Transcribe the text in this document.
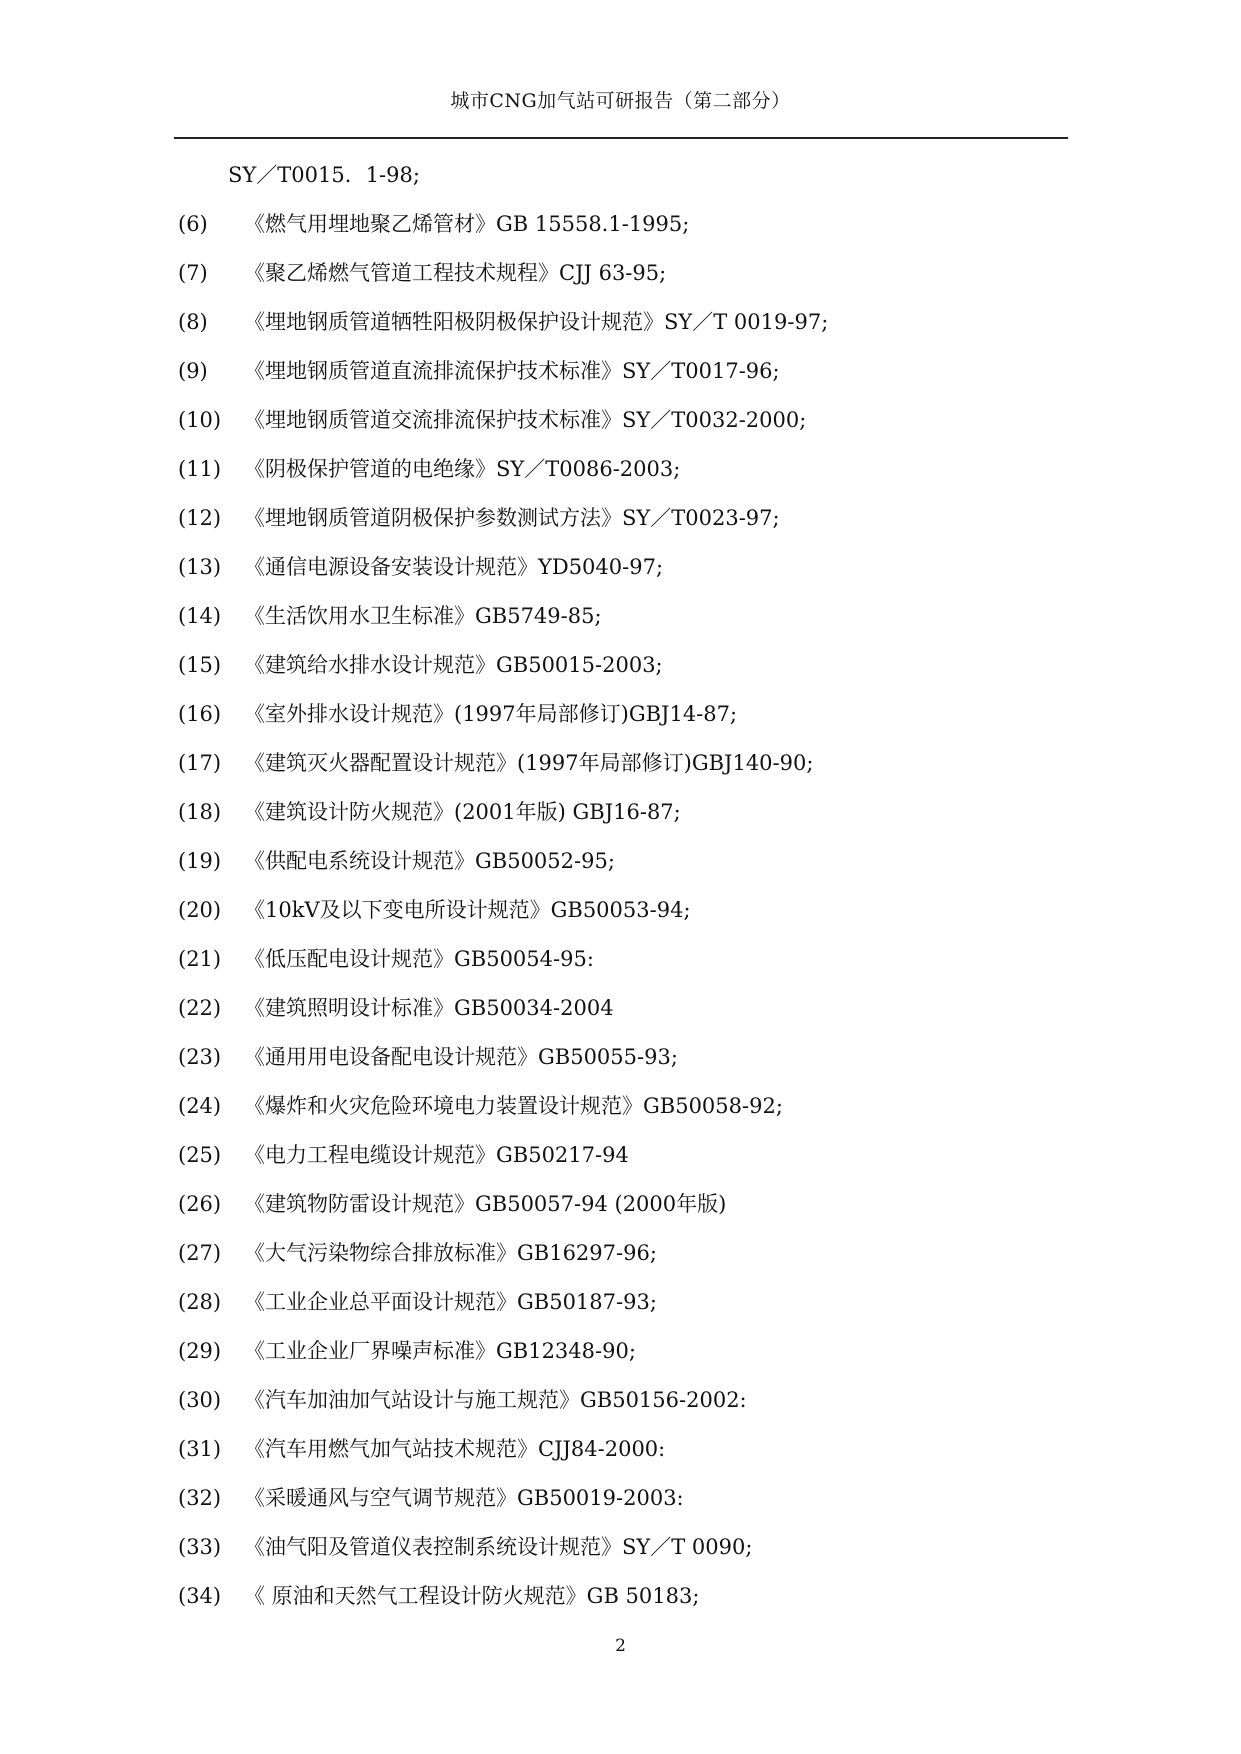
城市CNG加气站可研报告（第二部分）
SY／T0015．1-98;
(6) 《燃气用埋地聚乙烯管材》GB 15558.1-1995;
(7) 《聚乙烯燃气管道工程技术规程》CJJ 63-95;
(8) 《埋地钢质管道牺牲阳极阴极保护设计规范》SY／T 0019-97;
(9) 《埋地钢质管道直流排流保护技术标准》SY／T0017-96;
(10) 《埋地钢质管道交流排流保护技术标准》SY／T0032-2000;
(11) 《阴极保护管道的电绝缘》SY／T0086-2003;
(12) 《埋地钢质管道阴极保护参数测试方法》SY／T0023-97;
(13) 《通信电源设备安装设计规范》YD5040-97;
(14) 《生活饮用水卫生标准》GB5749-85;
(15) 《建筑给水排水设计规范》GB50015-2003;
(16) 《室外排水设计规范》(1997年局部修订)GBJ14-87;
(17) 《建筑灭火器配置设计规范》(1997年局部修订)GBJ140-90;
(18) 《建筑设计防火规范》(2001年版) GBJ16-87;
(19) 《供配电系统设计规范》GB50052-95;
(20) 《10kV及以下变电所设计规范》GB50053-94;
(21) 《低压配电设计规范》GB50054-95:
(22) 《建筑照明设计标准》GB50034-2004
(23) 《通用用电设备配电设计规范》GB50055-93;
(24) 《爆炸和火灾危险环境电力装置设计规范》GB50058-92;
(25) 《电力工程电缆设计规范》GB50217-94
(26) 《建筑物防雷设计规范》GB50057-94 (2000年版)
(27) 《大气污染物综合排放标准》GB16297-96;
(28) 《工业企业总平面设计规范》GB50187-93;
(29) 《工业企业厂界噪声标准》GB12348-90;
(30) 《汽车加油加气站设计与施工规范》GB50156-2002:
(31) 《汽车用燃气加气站技术规范》CJJ84-2000:
(32) 《采暖通风与空气调节规范》GB50019-2003:
(33) 《油气阳及管道仪表控制系统设计规范》SY／T 0090;
(34) 《 原油和天然气工程设计防火规范》GB 50183;
2
